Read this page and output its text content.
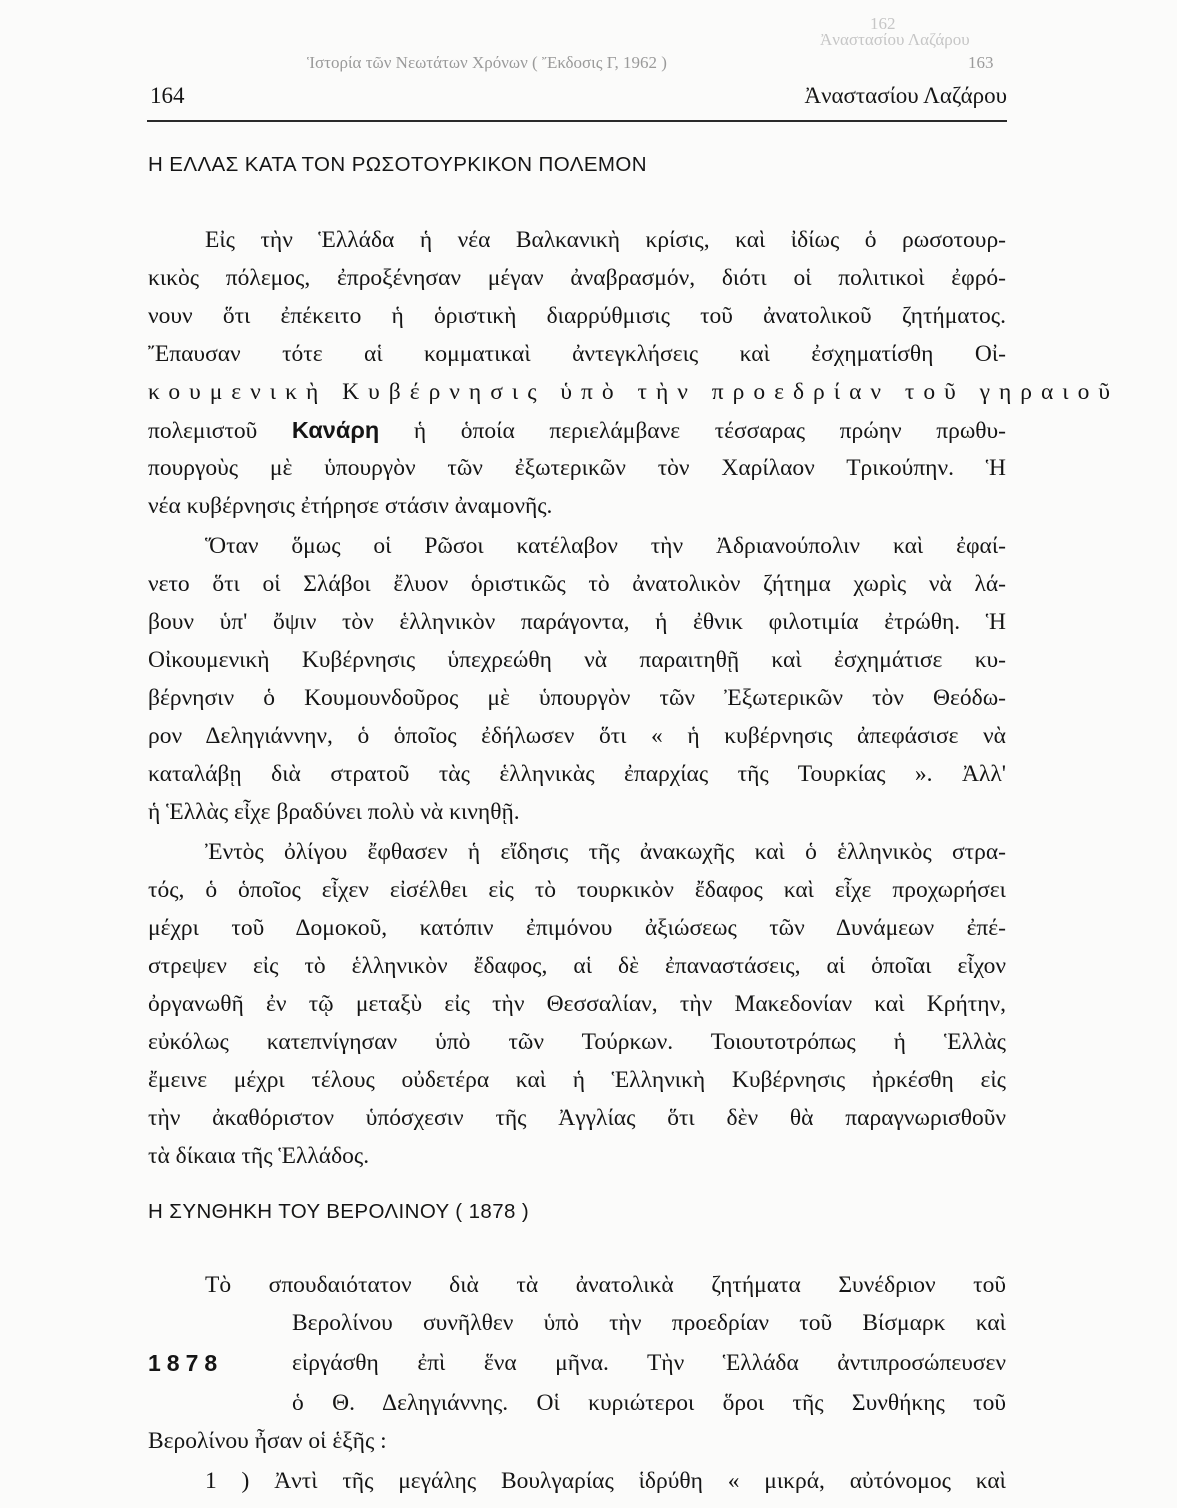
162
Ἀναστασίου Λαζάρου
Ἱστορία τῶν Νεωτάτων Χρόνων ( Ἔκδοσις Γ, 1962 )	163
164	Ἀναστασίου Λαζάρου
Η ΕΛΛΑΣ ΚΑΤΑ ΤΟΝ ΡΩΣΟΤΟΥΡΚΙΚΟΝ ΠΟΛΕΜΟΝ
Εἰς τὴν Ἑλλάδα ἡ νέα Βαλκανικὴ κρίσις, καὶ ἰδίως ὁ ρωσοτουρ-
κικὸς πόλεμος, ἐπροξένησαν μέγαν ἀναβρασμόν, διότι οἱ πολιτικοὶ ἐφρό-
νουν ὅτι ἐπέκειτο ἡ ὁριστικὴ διαρρύθμισις τοῦ ἀνατολικοῦ ζητήματος.
Ἔπαυσαν τότε αἱ κομματικαὶ ἀντεγκλήσεις καὶ ἐσχηματίσθη Οἰ-
κουμενικὴ Κυβέρνησις ὑπὸ τὴν προεδρίαν τοῦ γηραιοῦ
πολεμιστοῦ Κανάρη ἡ ὁποία περιελάμβανε τέσσαρας πρώην πρωθυ-
πουργοὺς μὲ ὑπουργὸν τῶν ἐξωτερικῶν τὸν Χαρίλαον Τρικούπην. Ἡ
νέα κυβέρνησις ἐτήρησε στάσιν ἀναμονῆς.
Ὅταν ὅμως οἱ Ρῶσοι κατέλαβον τὴν Ἀδριανούπολιν καὶ ἐφαί-
νετο ὅτι οἱ Σλάβοι ἔλυον ὁριστικῶς τὸ ἀνατολικὸν ζήτημα χωρὶς νὰ λά-
βουν ὑπ' ὄψιν τὸν ἑλληνικὸν παράγοντα, ἡ ἐθνικ φιλοτιμία ἐτρώθη. Ἡ
Οἰκουμενικὴ Κυβέρνησις ὑπεχρεώθη νὰ παραιτηθῇ καὶ ἐσχημάτισε κυ-
βέρνησιν ὁ Κουμουνδοῦρος μὲ ὑπουργὸν τῶν Ἐξωτερικῶν τὸν Θεόδω-
ρον Δεληγιάννην, ὁ ὁποῖος ἐδήλωσεν ὅτι « ἡ κυβέρνησις ἀπεφάσισε νὰ
καταλάβῃ διὰ στρατοῦ τὰς ἑλληνικὰς ἐπαρχίας τῆς Τουρκίας ». Ἀλλ'
ἡ Ἑλλὰς εἶχε βραδύνει πολὺ νὰ κινηθῇ.
Ἐντὸς ὀλίγου ἔφθασεν ἡ εἴδησις τῆς ἀνακωχῆς καὶ ὁ ἑλληνικὸς στρα-
τός, ὁ ὁποῖος εἶχεν εἰσέλθει εἰς τὸ τουρκικὸν ἔδαφος καὶ εἶχε προχωρήσει
μέχρι τοῦ Δομοκοῦ, κατόπιν ἐπιμόνου ἀξιώσεως τῶν Δυνάμεων ἐπέ-
στρεψεν εἰς τὸ ἑλληνικὸν ἔδαφος, αἱ δὲ ἐπαναστάσεις, αἱ ὁποῖαι εἶχον
ὀργανωθῆ ἐν τῷ μεταξὺ εἰς τὴν Θεσσαλίαν, τὴν Μακεδονίαν καὶ Κρήτην,
εὐκόλως κατεπνίγησαν ὑπὸ τῶν Τούρκων. Τοιουτοτρόπως ἡ Ἑλλὰς
ἔμεινε μέχρι τέλους οὐδετέρα καὶ ἡ Ἑλληνικὴ Κυβέρνησις ἠρκέσθη εἰς
τὴν ἀκαθόριστον ὑπόσχεσιν τῆς Ἀγγλίας ὅτι δὲν θὰ παραγνωρισθοῦν
τὰ δίκαια τῆς Ἑλλάδος.
Η ΣΥΝΘΗΚΗ ΤΟΥ ΒΕΡΟΛΙΝΟΥ ( 1878 )
Τὸ σπουδαιότατον διὰ τὰ ἀνατολικὰ ζητήματα Συνέδριον τοῦ
Βερολίνου συνῆλθεν ὑπὸ τὴν προεδρίαν τοῦ Βίσμαρκ καὶ
1878	εἰργάσθη ἐπὶ ἕνα μῆνα. Τὴν Ἑλλάδα ἀντιπροσώπευσεν
ὁ Θ. Δεληγιάννης. Οἱ κυριώτεροι ὅροι τῆς Συνθήκης τοῦ
Βερολίνου ἦσαν οἱ ἑξῆς :
1 ) Ἀντὶ τῆς μεγάλης Βουλγαρίας ἱδρύθη « μικρά, αὐτόνομος καὶ
